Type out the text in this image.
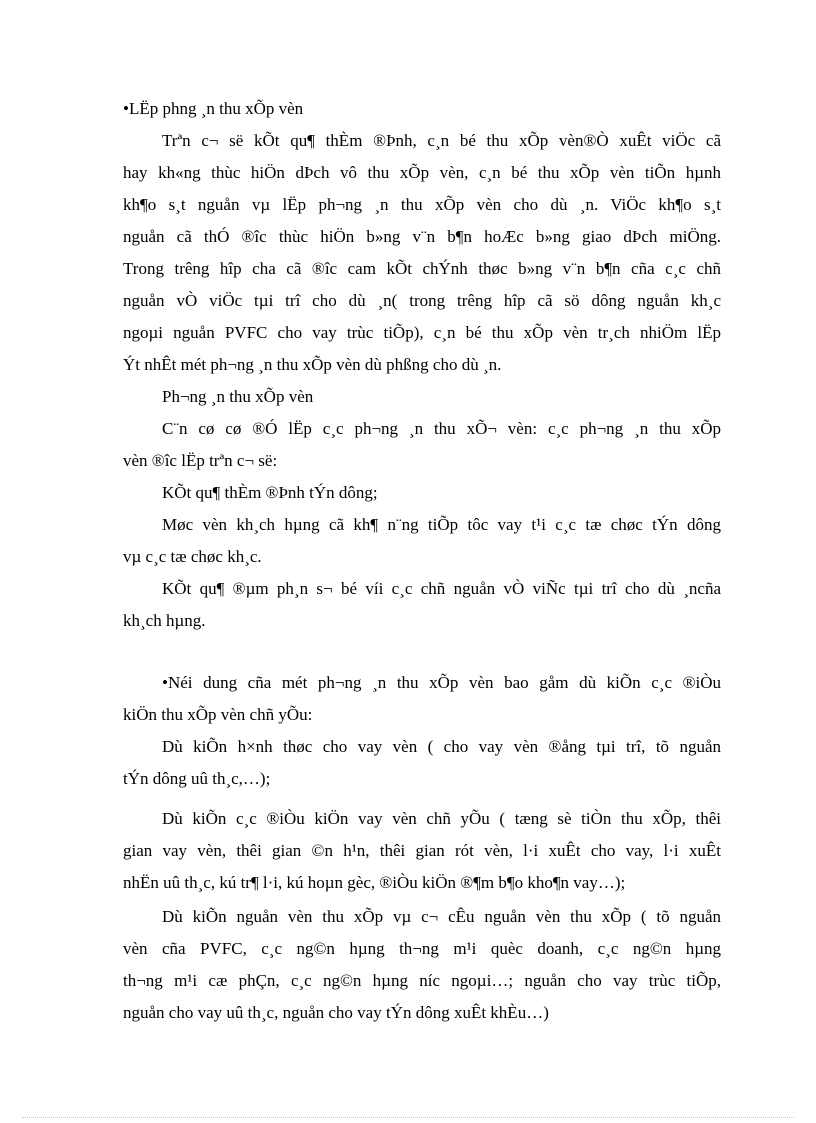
•LËp phng ¸n thu xÕp vèn
Trªn c¬ së kÕt qu¶ thÈm ®Þnh, c¸n bé thu xÕp vèn®Ò xuÊt viÖc cã
hay kh«ng thùc hiÖn dÞch vô thu xÕp vèn, c¸n bé thu xÕp vèn tiÕn hµnh
kh¶o s¸t nguån vµ lËp ph¬ng ¸n thu xÕp vèn cho dù ¸n. ViÖc kh¶o s¸t
nguån cã thÓ ®îc thùc hiÖn b»ng v¨n b¶n hoÆc b»ng giao dÞch miÖng.
Trong trêng hîp cha cã ®îc cam kÕt chÝnh thøc b»ng v¨n b¶n cña c¸c chñ
nguån vÒ viÖc tµi trî cho dù ¸n( trong trêng hîp cã sö dông nguån kh¸c
ngoµi nguån PVFC cho vay trùc tiÕp), c¸n bé thu xÕp vèn tr¸ch nhiÖm lËp
Ýt nhÊt mét ph¬ng ¸n thu xÕp vèn dù phßng cho dù ¸n.
Ph¬ng ¸n thu xÕp vèn
C¨n cø cø ®Ó lËp c¸c ph¬ng ¸n thu xÕ¬ vèn: c¸c ph¬ng ¸n thu xÕp
vèn ®îc lËp trªn c¬ së:
KÕt qu¶ thÈm ®Þnh tÝn dông;
Møc vèn kh¸ch hµng cã kh¶ n¨ng tiÕp tôc vay t¹i c¸c tæ chøc tÝn dông
vµ c¸c tæ chøc kh¸c.
KÕt qu¶ ®µm ph¸n s¬ bé víi c¸c chñ nguån vÒ viÑc tµi trî cho dù ¸ncña
kh¸ch hµng.
•Néi dung cña mét ph¬ng ¸n thu xÕp vèn bao gåm dù kiÕn c¸c ®iÒu
kiÖn thu xÕp vèn chñ yÕu:
Dù kiÕn h×nh thøc cho vay vèn ( cho vay vèn ®ång tµi trî, tõ nguån
tÝn dông uû th¸c,…);
Dù kiÕn c¸c ®iÒu kiÖn vay vèn chñ yÕu ( tæng sè tiÒn thu xÕp, thêi
gian vay vèn, thêi gian ©n h¹n, thêi gian rót vèn, l·i xuÊt cho vay, l·i xuÊt
nhËn uû th¸c, kú tr¶ l·i, kú hoµn gèc, ®iÒu kiÖn ®¶m b¶o kho¶n vay…);
Dù kiÕn nguån vèn thu xÕp vµ c¬ cÊu nguån vèn thu xÕp ( tõ nguån
vèn cña PVFC, c¸c ng©n hµng th¬ng m¹i quèc doanh, c¸c ng©n hµng
th¬ng m¹i cæ phÇn, c¸c ng©n hµng níc ngoµi…; nguån cho vay trùc tiÕp,
nguån cho vay uû th¸c, nguån cho vay tÝn dông xuÊt khÈu…)
